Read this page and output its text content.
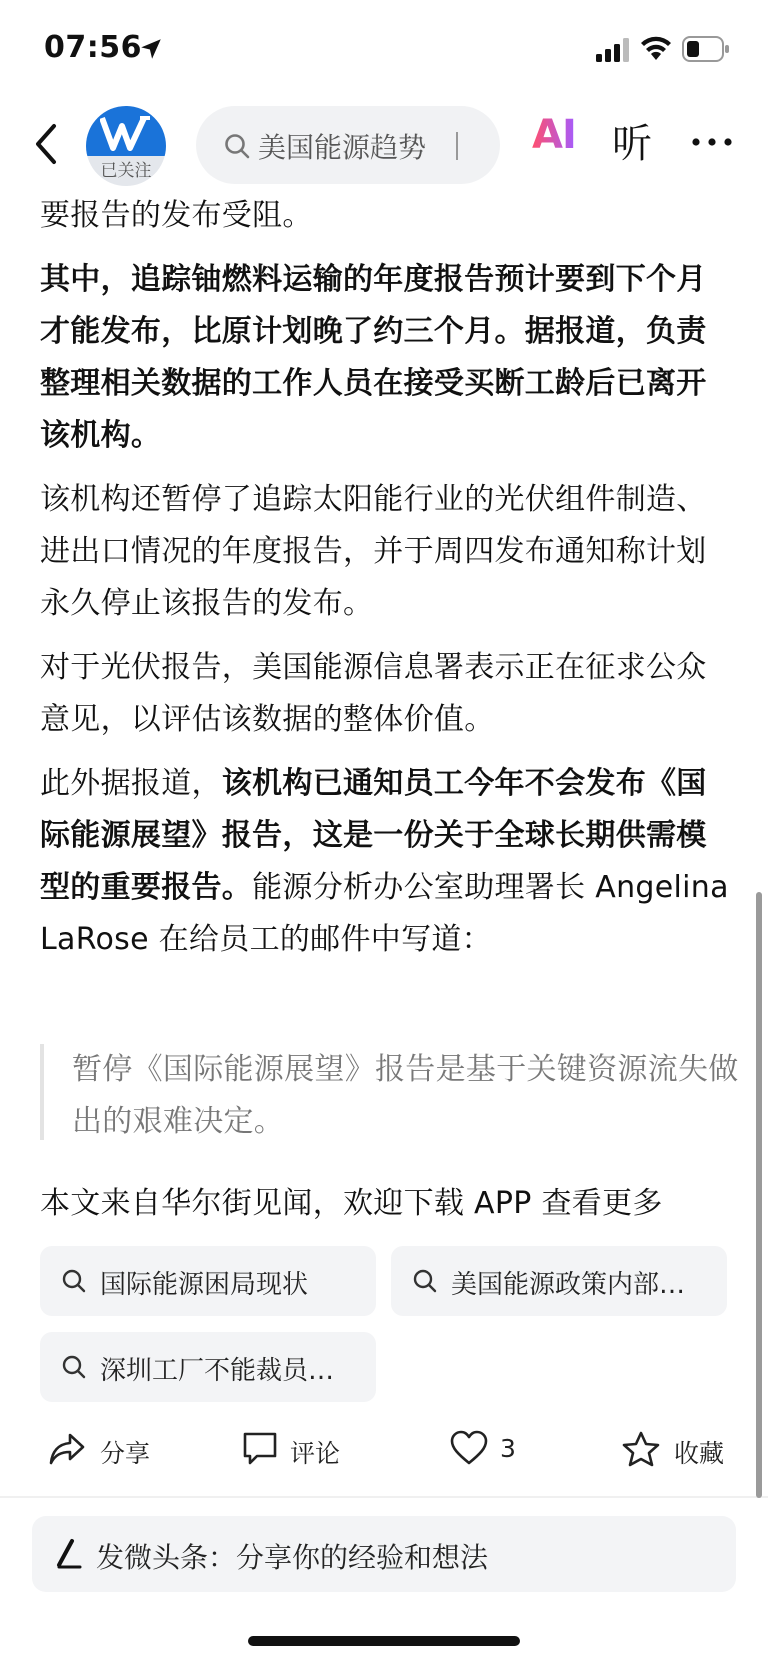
07:56
已关注
美国能源趋势	AI 听

要报告的发布受阻。

其中，追踪铀燃料运输的年度报告预计要到下个月才能发布，比原计划晚了约三个月。据报道，负责整理相关数据的工作人员在接受买断工龄后已离开该机构。

该机构还暂停了追踪太阳能行业的光伏组件制造、进出口情况的年度报告，并于周四发布通知称计划永久停止该报告的发布。

对于光伏报告，美国能源信息署表示正在征求公众意见，以评估该数据的整体价值。

此外据报道，该机构已通知员工今年不会发布《国际能源展望》报告，这是一份关于全球长期供需模型的重要报告。能源分析办公室助理署长 Angelina LaRose 在给员工的邮件中写道：

暂停《国际能源展望》报告是基于关键资源流失做出的艰难决定。
本文来自华尔街见闻，欢迎下载 APP 查看更多
国际能源困局现状	美国能源政策内部…
深圳工厂不能裁员…
分享	评论	3	收藏
发微头条：分享你的经验和想法
